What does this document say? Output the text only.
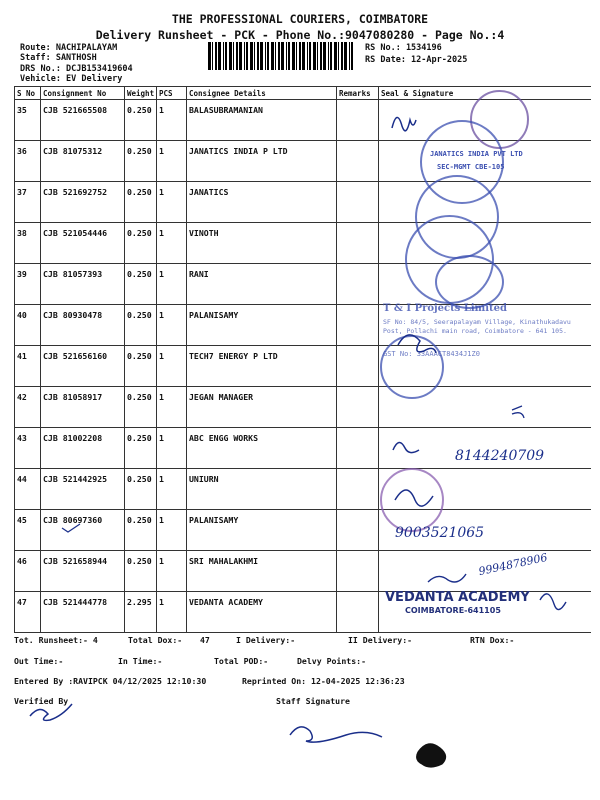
THE PROFESSIONAL COURIERS, COIMBATORE
Delivery Runsheet - PCK - Phone No.:9047080280 - Page No.:4
Route: NACHIPALAYAM
Staff: SANTHOSH
DRS No.: DCJB15341960​4
Vehicle: EV Delivery
RS No.: 1534196
RS Date: 12-Apr-2025
S No	Consignment No	Weight	PCS	Consignee Details	Remarks	Seal & Signature
35	CJB 521665508	0.250	1	BALASUBRAMANIAN		
36	CJB 81075312	0.250	1	JANATICS INDIA P LTD		
37	CJB 521692752	0.250	1	JANATICS		
38	CJB 521054446	0.250	1	VINOTH		
39	CJB 81057393	0.250	1	RANI		
40	CJB 80930478	0.250	1	PALANISAMY		
41	CJB 521656160	0.250	1	TECH7 ENERGY P LTD		
42	CJB 81058917	0.250	1	JEGAN MANAGER		
43	CJB 81002208	0.250	1	ABC ENGG WORKS		
44	CJB 521442925	0.250	1	UNIURN		
45	CJB 80697360	0.250	1	PALANISAMY		
46	CJB 521658944	0.250	1	SRI MAHALAKHMI		
47	CJB 521444778	2.295	1	VEDANTA ACADEMY		
JANATICS INDIA PVT LTD
SEC-MGMT CBE-105
T & I Projects Limited
SF No: 84/5, Seerapalayam Village, Kinathukadavu Post, Pollachi main road, Coimbatore - 641 105.
GST No: 33AAACT8434J1Z0
VEDANTA ACADEMY
COIMBATORE-641105
8144240709
9003521065
9994878906
Tot. Runsheet:- 4	Total Dox:- 47	I Delivery:-	II Delivery:-	RTN Dox:-
Out Time:-	In Time:-	Total POD:-	Delvy Points:-
Entered By :RAVIPCK 04/12/2025 12:10:30	Reprinted On: 12-04-2025 12:36:23
Verified By	Staff Signature
